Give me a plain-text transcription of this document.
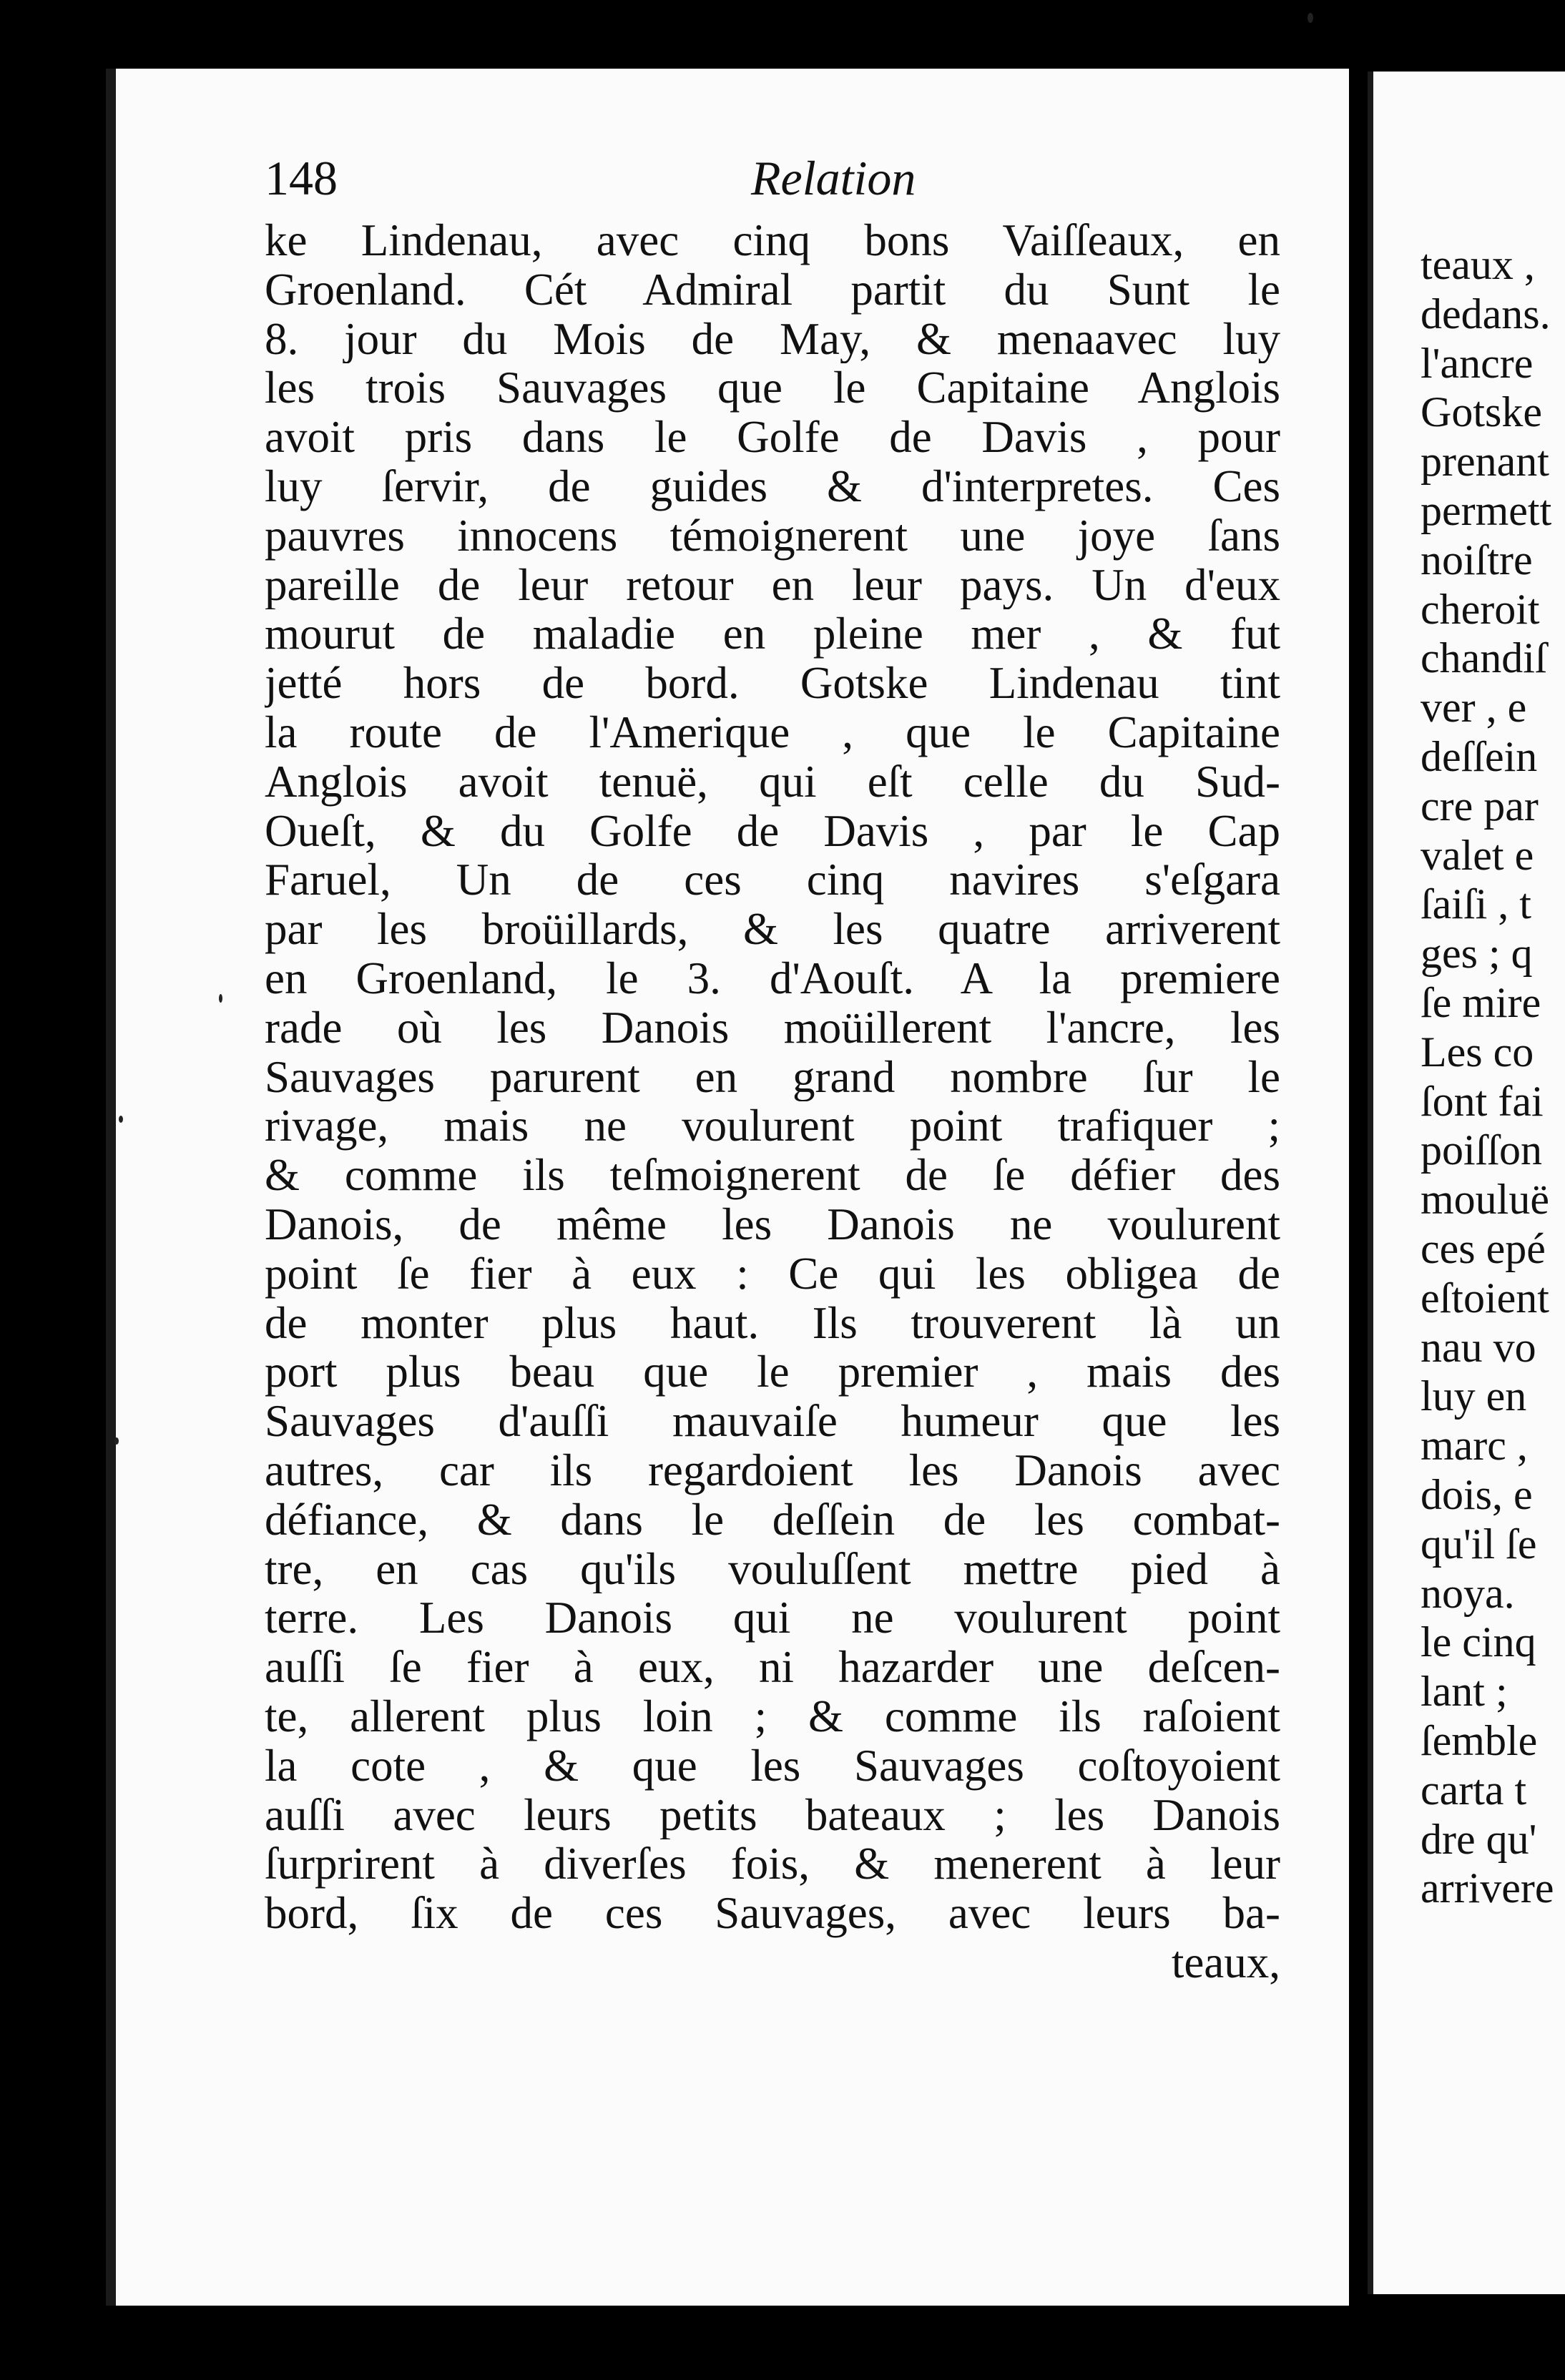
148	Relation
ke Lindenau, avec cinq bons Vaiſſeaux, en
Groenland. Cét Admiral partit du Sunt le
8. jour du Mois de May, & menaavec luy
les trois Sauvages que le Capitaine Anglois
avoit pris dans le Golfe de Davis , pour
luy ſervir, de guides & d'interpretes. Ces
pauvres innocens témoignerent une joye ſans
pareille de leur retour en leur pays. Un d'eux
mourut de maladie en pleine mer , & fut
jetté hors de bord. Gotske Lindenau tint
la route de l'Amerique , que le Capitaine
Anglois avoit tenuë, qui eſt celle du Sud-
Oueſt, & du Golfe de Davis , par le Cap
Faruel, Un de ces cinq navires s'eſgara
par les broüillards, & les quatre arriverent
en Groenland, le 3. d'Aouſt. A la premiere
rade où les Danois moüillerent l'ancre, les
Sauvages parurent en grand nombre ſur le
rivage, mais ne voulurent point trafiquer ;
& comme ils teſmoignerent de ſe défier des
Danois, de même les Danois ne voulurent
point ſe fier à eux : Ce qui les obligea de
de monter plus haut. Ils trouverent là un
port plus beau que le premier , mais des
Sauvages d'auſſi mauvaiſe humeur que les
autres, car ils regardoient les Danois avec
défiance, & dans le deſſein de les combat-
tre, en cas qu'ils vouluſſent mettre pied à
terre. Les Danois qui ne voulurent point
auſſi ſe fier à eux, ni hazarder une deſcen-
te, allerent plus loin ; & comme ils raſoient
la cote , & que les Sauvages coſtoyoient
auſſi avec leurs petits bateaux ; les Danois
ſurprirent à diverſes fois, & menerent à leur
bord, ſix de ces Sauvages, avec leurs ba-
teaux,
teaux ,
dedans.
l'ancre
Gotske
prenant
permett
noiſtre
cheroit
chandiſ
ver , e
deſſein
cre par
valet e
ſaiſi , t
ges ; q
ſe mire
Les co
ſont fai
poiſſon
mouluë
ces epé
eſtoient
nau vo
luy en
marc ,
dois, e
qu'il ſe
noya.
le cinq
lant ;
ſemble
carta t
dre qu'
arrivere
